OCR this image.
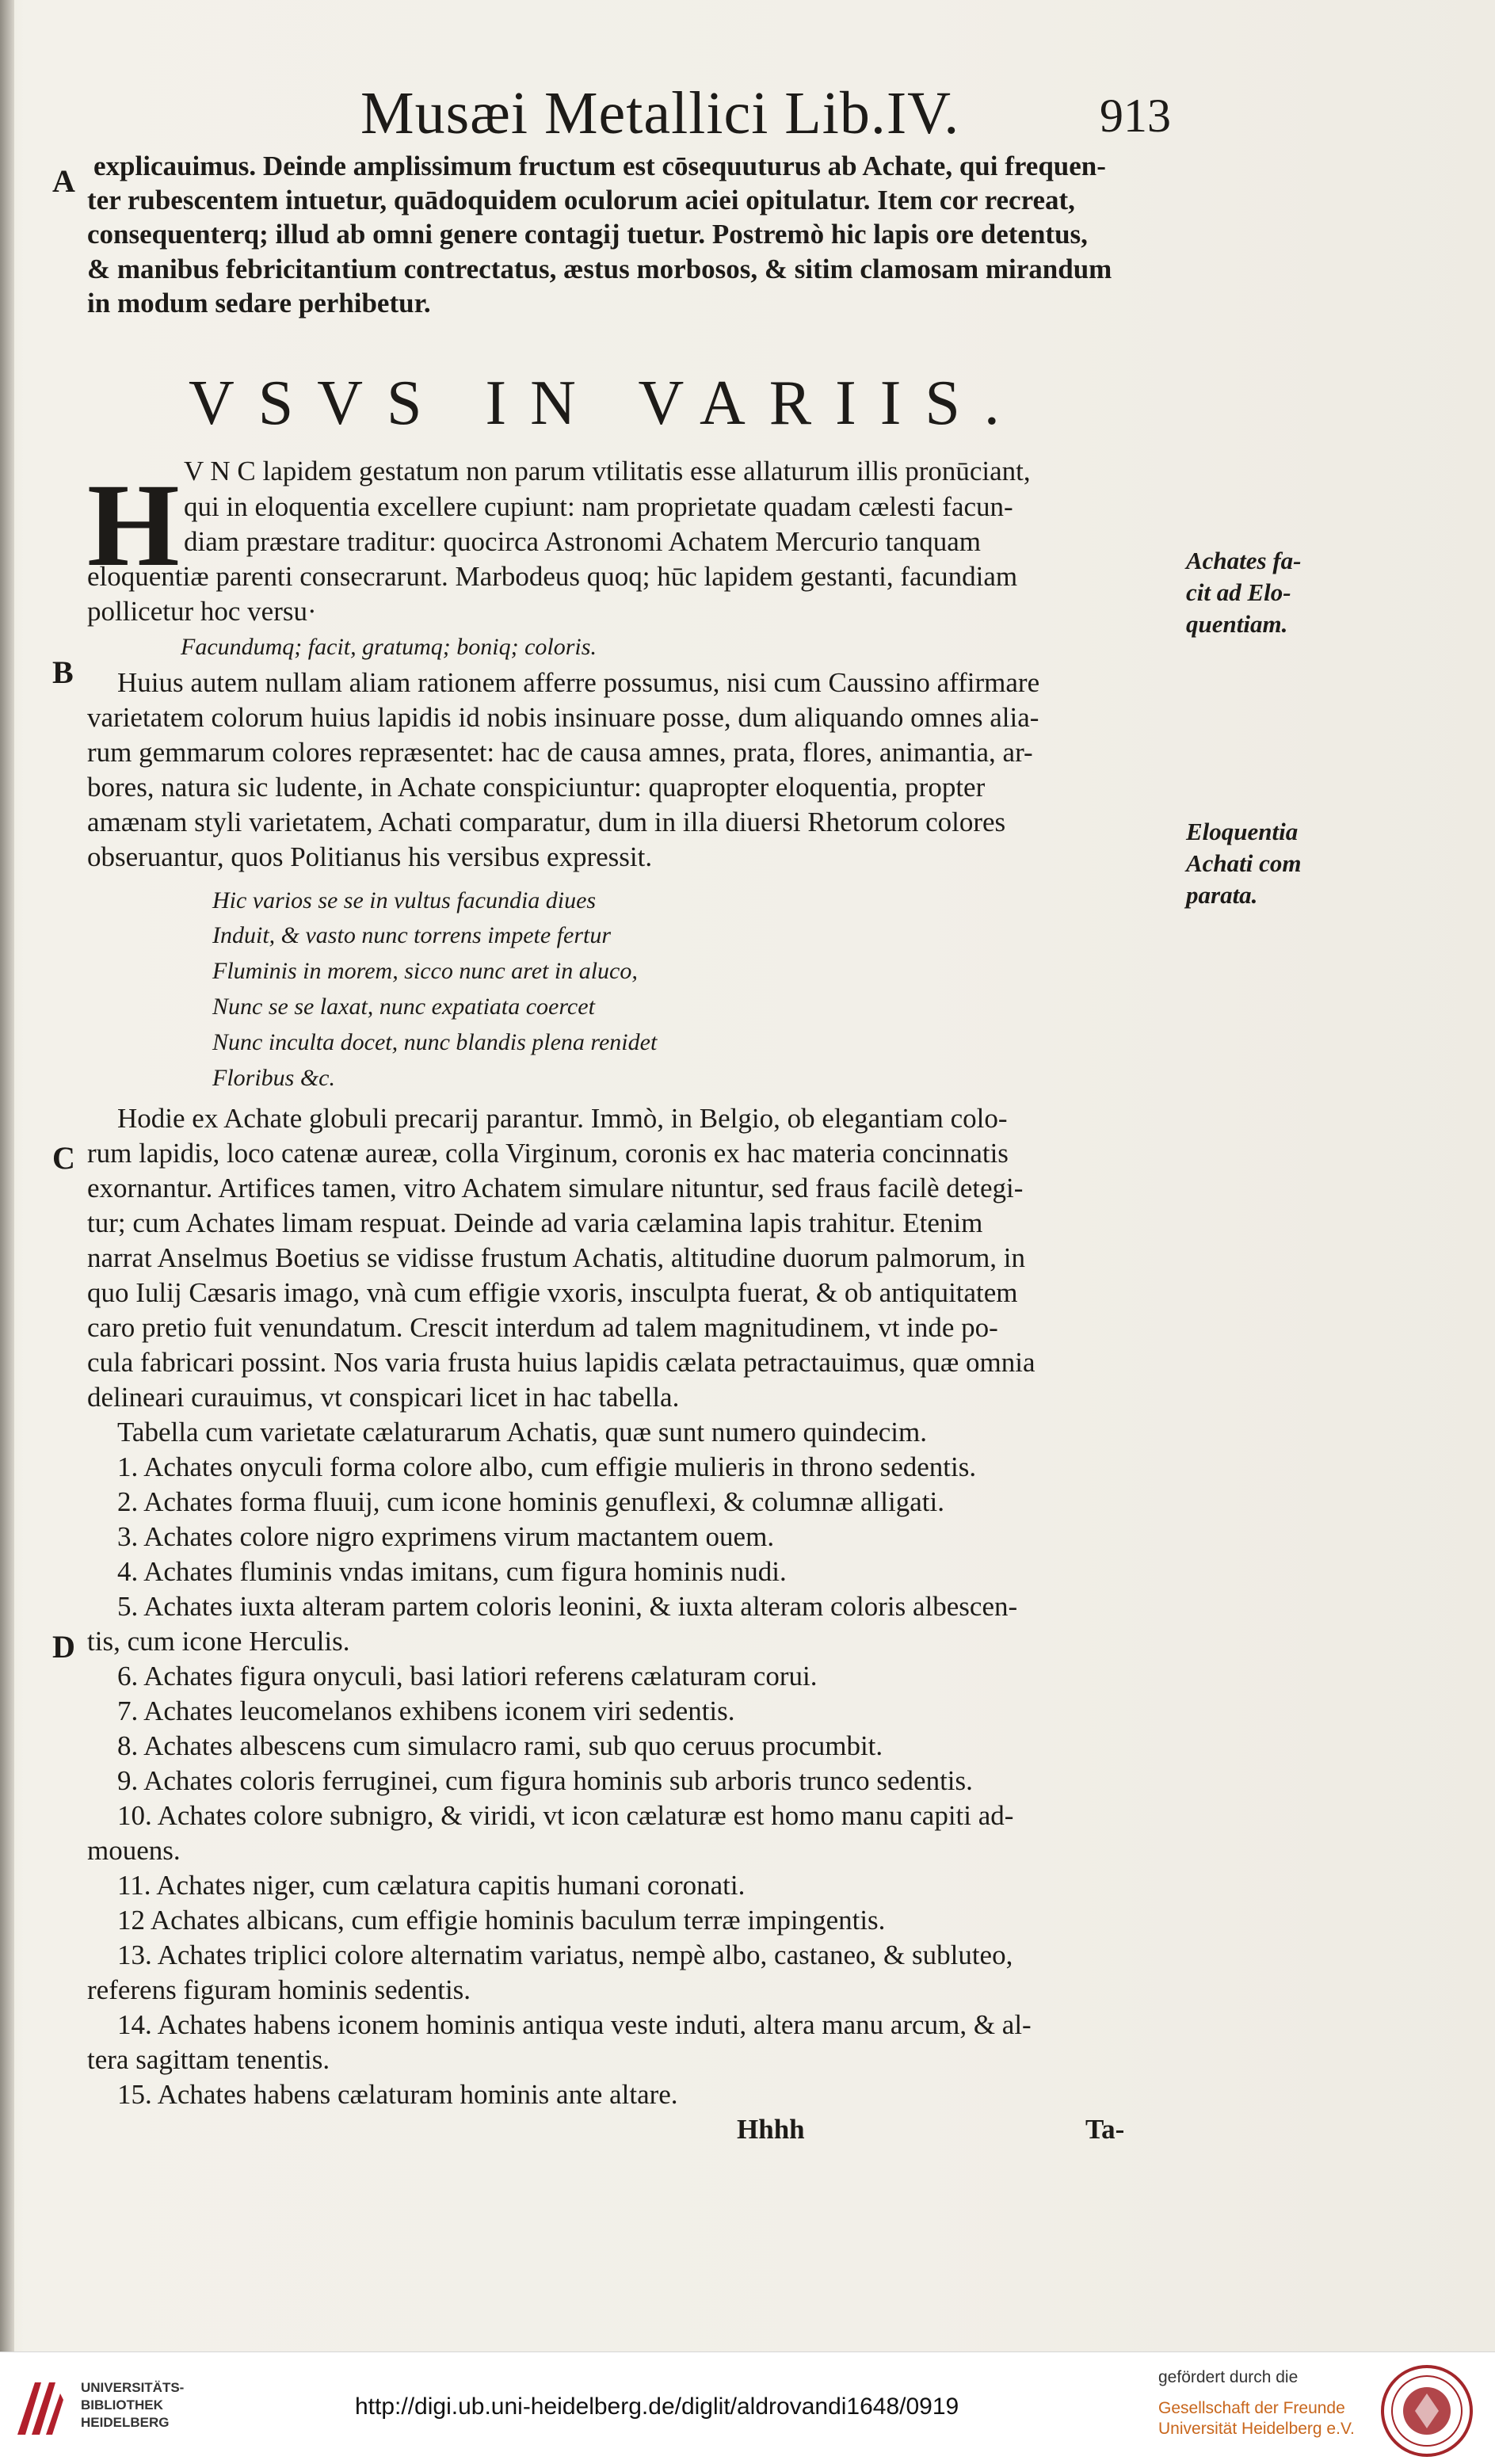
Musæi Metallici Lib.IV.	913
A
B
C
D
explicauimus. Deinde amplissimum fructum est cōsequuturus ab Achate, qui frequen-
ter rubescentem intuetur, quādoquidem oculorum aciei opitulatur. Item cor recreat,
consequenterq; illud ab omni genere contagij tuetur. Postremò hic lapis ore detentus,
& manibus febricitantium contrectatus, æstus morbosos, & sitim clamosam mirandum
in modum sedare perhibetur.
VSVS IN VARIIS.
H V N C lapidem gestatum non parum vtilitatis esse allaturum illis pronūciant,
qui in eloquentia excellere cupiunt: nam proprietate quadam cælesti facun-
diam præstare traditur: quocirca Astronomi Achatem Mercurio tanquam
eloquentiæ parenti consecrarunt. Marbodeus quoq; hūc lapidem gestanti, facundiam
pollicetur hoc versu·
Facundumq; facit, gratumq; boniq; coloris.
Huius autem nullam aliam rationem afferre possumus, nisi cum Caussino affirmare
varietatem colorum huius lapidis id nobis insinuare posse, dum aliquando omnes alia-
rum gemmarum colores repræsentet: hac de causa amnes, prata, flores, animantia, ar-
bores, natura sic ludente, in Achate conspiciuntur: quapropter eloquentia, propter
amænam styli varietatem, Achati comparatur, dum in illa diuersi Rhetorum colores
obseruantur, quos Politianus his versibus expressit.
Hic varios se se in vultus facundia diues
Induit, & vasto nunc torrens impete fertur
Fluminis in morem, sicco nunc aret in aluco,
Nunc se se laxat, nunc expatiata coercet
Nunc inculta docet, nunc blandis plena renidet
Floribus &c.
Hodie ex Achate globuli precarij parantur. Immò, in Belgio, ob elegantiam colo-
rum lapidis, loco catenæ aureæ, colla Virginum, coronis ex hac materia concinnatis
exornantur. Artifices tamen, vitro Achatem simulare nituntur, sed fraus facilè detegi-
tur; cum Achates limam respuat. Deinde ad varia cælamina lapis trahitur. Etenim
narrat Anselmus Boetius se vidisse frustum Achatis, altitudine duorum palmorum, in
quo Iulij Cæsaris imago, vnà cum effigie vxoris, insculpta fuerat, & ob antiquitatem
caro pretio fuit venundatum. Crescit interdum ad talem magnitudinem, vt inde po-
cula fabricari possint. Nos varia frusta huius lapidis cælata petractauimus, quæ omnia
delineari curauimus, vt conspicari licet in hac tabella.
Tabella cum varietate cælaturarum Achatis, quæ sunt numero quindecim.
1. Achates onyculi forma colore albo, cum effigie mulieris in throno sedentis.
2. Achates forma fluuij, cum icone hominis genuflexi, & columnæ alligati.
3. Achates colore nigro exprimens virum mactantem ouem.
4. Achates fluminis vndas imitans, cum figura hominis nudi.
5. Achates iuxta alteram partem coloris leonini, & iuxta alteram coloris albescen-
tis, cum icone Herculis.
6. Achates figura onyculi, basi latiori referens cælaturam corui.
7. Achates leucomelanos exhibens iconem viri sedentis.
8. Achates albescens cum simulacro rami, sub quo ceruus procumbit.
9. Achates coloris ferruginei, cum figura hominis sub arboris trunco sedentis.
10. Achates colore subnigro, & viridi, vt icon cælaturæ est homo manu capiti ad-
mouens.
11. Achates niger, cum cælatura capitis humani coronati.
12 Achates albicans, cum effigie hominis baculum terræ impingentis.
13. Achates triplici colore alternatim variatus, nempè albo, castaneo, & subluteo,
referens figuram hominis sedentis.
14. Achates habens iconem hominis antiqua veste induti, altera manu arcum, & al-
tera sagittam tenentis.
15. Achates habens cælaturam hominis ante altare.
Hhhh	Ta-
Achates fa-
cit ad Elo-
quentiam.
Eloquentia
Achati com
parata.
UNIVERSITÄTS-
BIBLIOTHEK
HEIDELBERG
http://digi.ub.uni-heidelberg.de/diglit/aldrovandi1648/0919
gefördert durch die
Gesellschaft der Freunde
Universität Heidelberg e.V.
